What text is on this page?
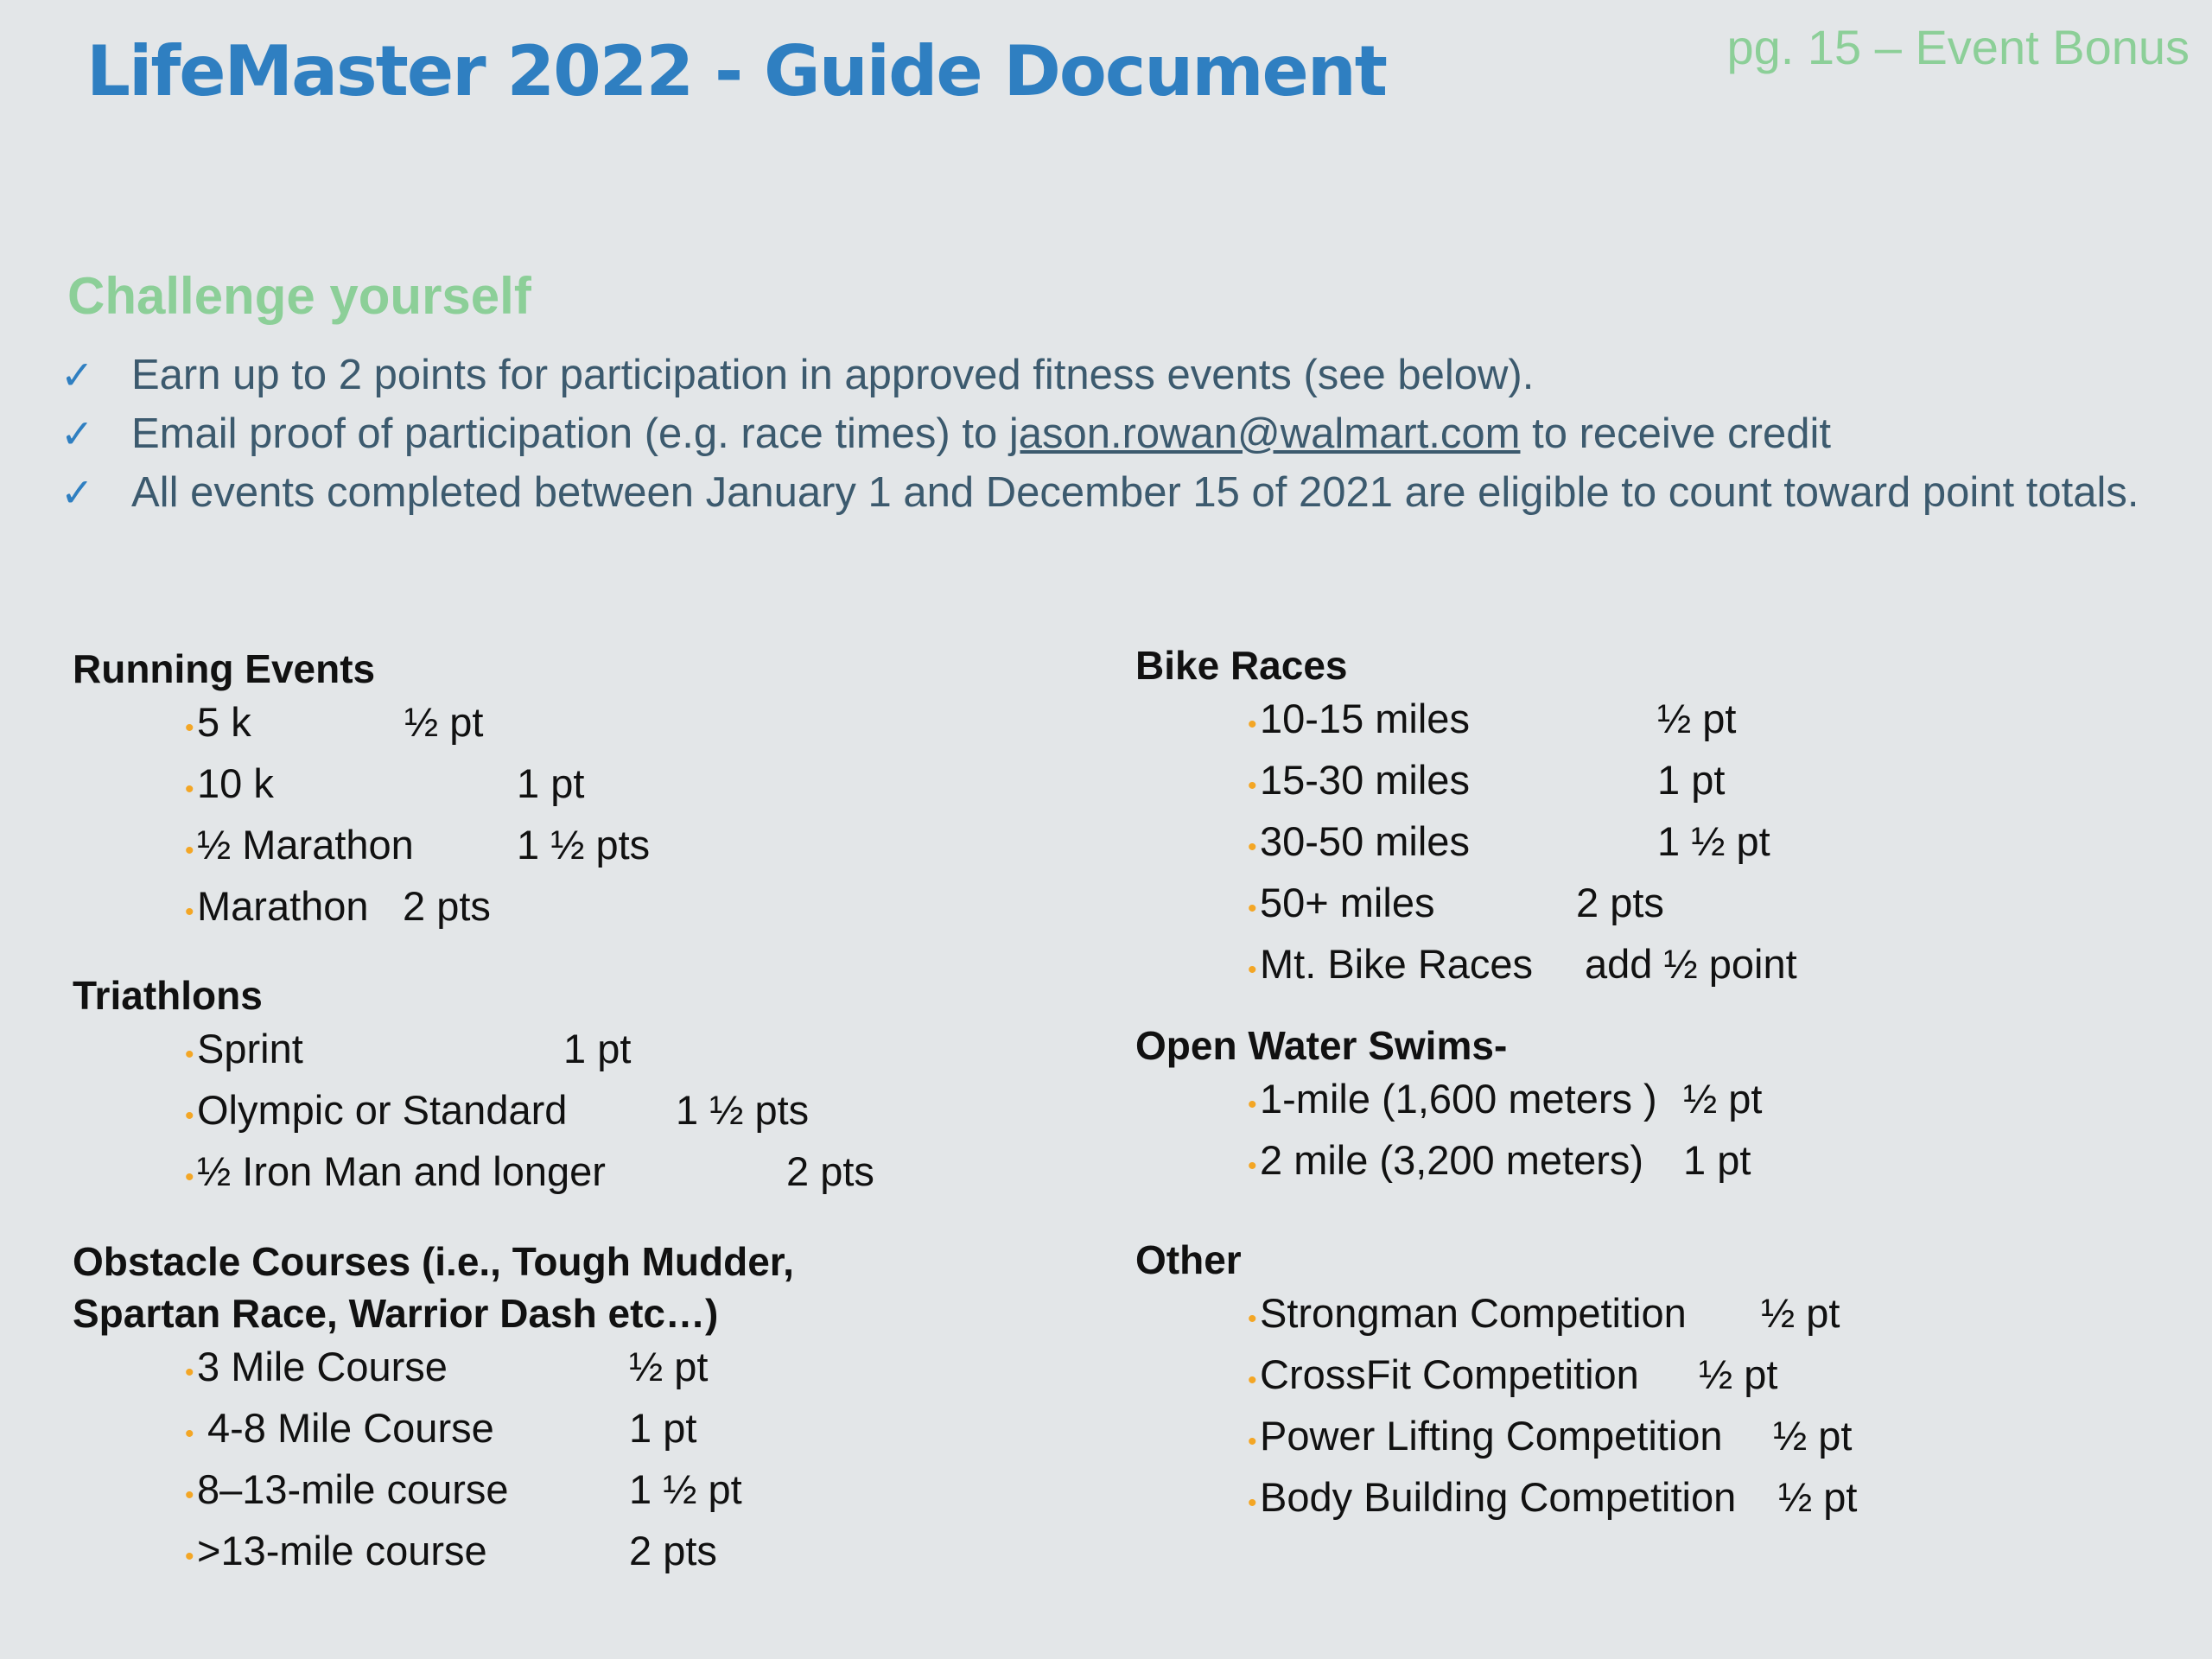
LifeMaster 2022 - Guide Document	pg. 15 – Event Bonus
Challenge yourself
✓ Earn up to 2 points for participation in approved fitness events (see below).
✓ Email proof of participation (e.g. race times) to jason.rowan@walmart.com to receive credit
✓ All events completed between January 1 and December 15 of 2021 are eligible to count toward point totals.
Running Events
• 5 k	½ pt
• 10 k	1 pt
• ½ Marathon	1 ½ pts
• Marathon 2 pts
Triathlons
• Sprint	1 pt
• Olympic or Standard	1 ½ pts
• ½ Iron Man and longer	2 pts
Obstacle Courses (i.e., Tough Mudder,
Spartan Race, Warrior Dash etc…)
• 3 Mile Course	½ pt
• 4-8 Mile Course	1 pt
• 8–13-mile course	1 ½ pt
• >13-mile course	2 pts
Bike Races
• 10-15 miles	½ pt
• 15-30 miles	1 pt
• 30-50 miles	1 ½ pt
• 50+ miles	2 pts
• Mt. Bike Races	add ½ point
Open Water Swims-
• 1-mile (1,600 meters ) ½ pt
• 2 mile (3,200 meters) 1 pt
Other
• Strongman Competition	½ pt
• CrossFit Competition	½ pt
• Power Lifting Competition	½ pt
• Body Building Competition	½ pt
